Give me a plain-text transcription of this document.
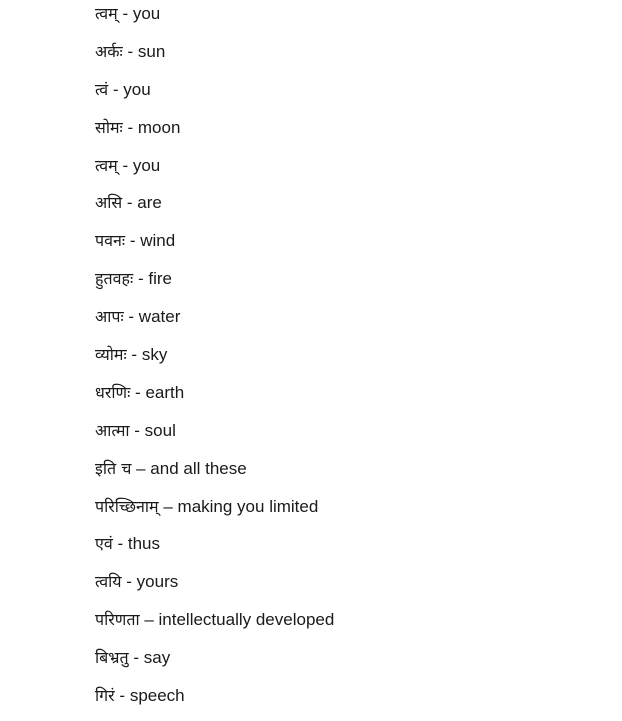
त्वम् - you
अर्कः - sun
त्वं - you
सोमः - moon
त्वम् - you
असि - are
पवनः - wind
हुतवहः - fire
आपः - water
व्योमः - sky
धरणिः - earth
आत्मा - soul
इति च – and all these
परिच्छिनाम् – making you limited
एवं - thus
त्वयि - yours
परिणता – intellectually developed
बिभ्रतु - say
गिरं - speech
